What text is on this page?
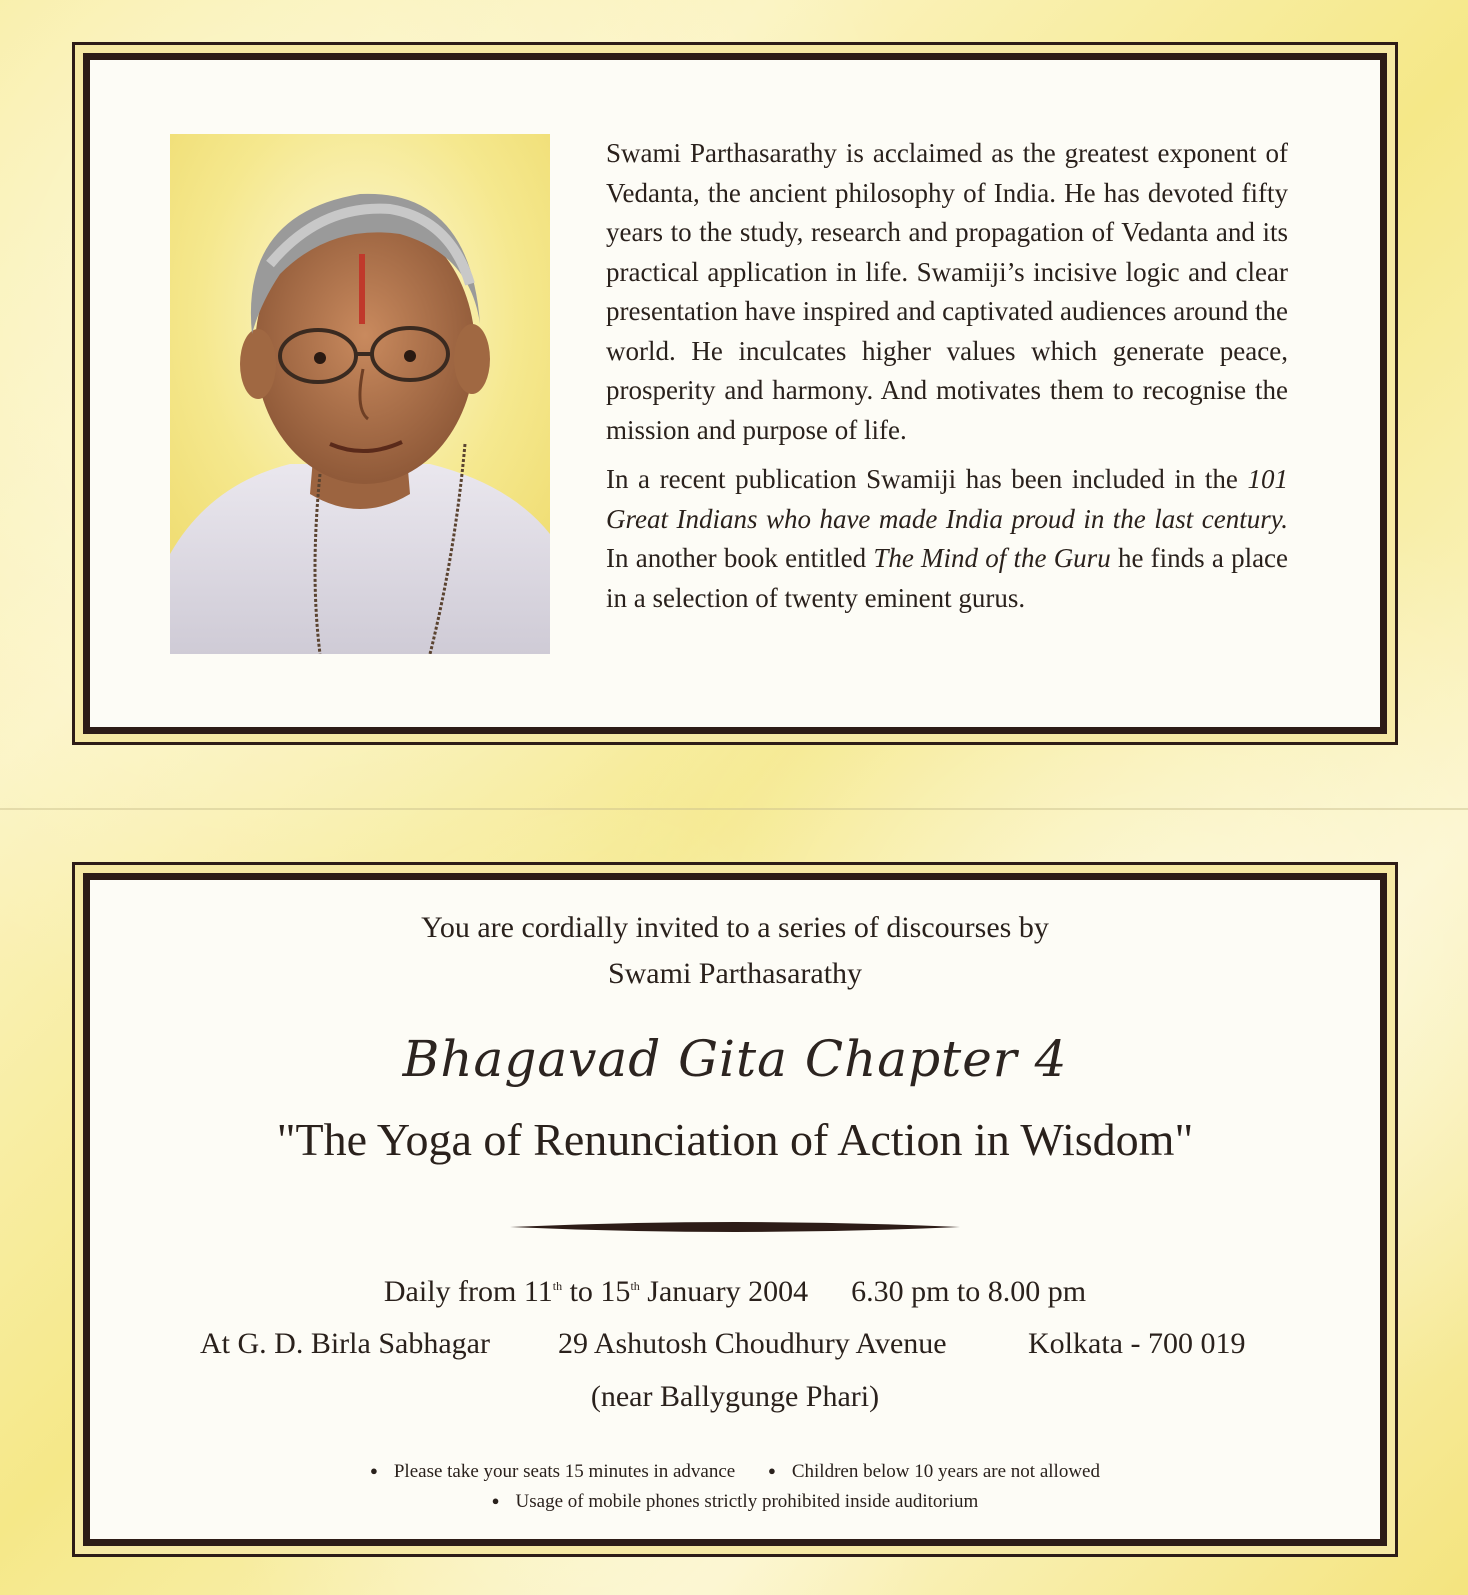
Swami Parthasarathy is acclaimed as the greatest exponent of Vedanta, the ancient philosophy of India. He has devoted fifty years to the study, research and propagation of Vedanta and its practical application in life. Swamiji’s incisive logic and clear presentation have inspired and captivated audiences around the world. He inculcates higher values which generate peace, prosperity and harmony. And motivates them to recognise the mission and purpose of life.

In a recent publication Swamiji has been included in the 101 Great Indians who have made India proud in the last century. In another book entitled The Mind of the Guru he finds a place in a selection of twenty eminent gurus.

You are cordially invited to a series of discourses by
Swami Parthasarathy
Bhagavad Gita Chapter 4
"The Yoga of Renunciation of Action in Wisdom"
Daily from 11th to 15th January 2004 6.30 pm to 8.00 pm
At G. D. Birla Sabhagar 29 Ashutosh Choudhury Avenue	Kolkata - 700 019
(near Ballygunge Phari)
● Please take your seats 15 minutes in advance ●	Children below 10 years are not allowed
● Usage of mobile phones strictly prohibited inside auditorium
